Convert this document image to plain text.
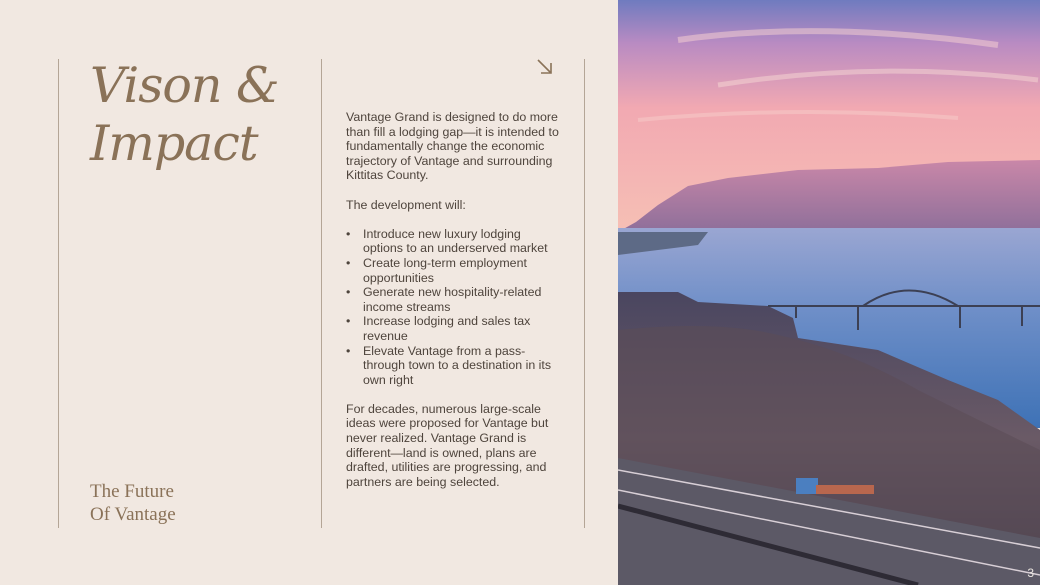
Vison &
Impact
The Future
Of Vantage

Vantage Grand is designed to do more than fill a lodging gap—it is intended to fundamentally change the economic trajectory of Vantage and surrounding Kittitas County.

The development will:

• Introduce new luxury lodging options to an underserved market
• Create long-term employment opportunities
• Generate new hospitality-related income streams
• Increase lodging and sales tax revenue
• Elevate Vantage from a pass-through town to a destination in its own right

For decades, numerous large-scale ideas were proposed for Vantage but never realized. Vantage Grand is different—land is owned, plans are drafted, utilities are progressing, and partners are being selected.

3
